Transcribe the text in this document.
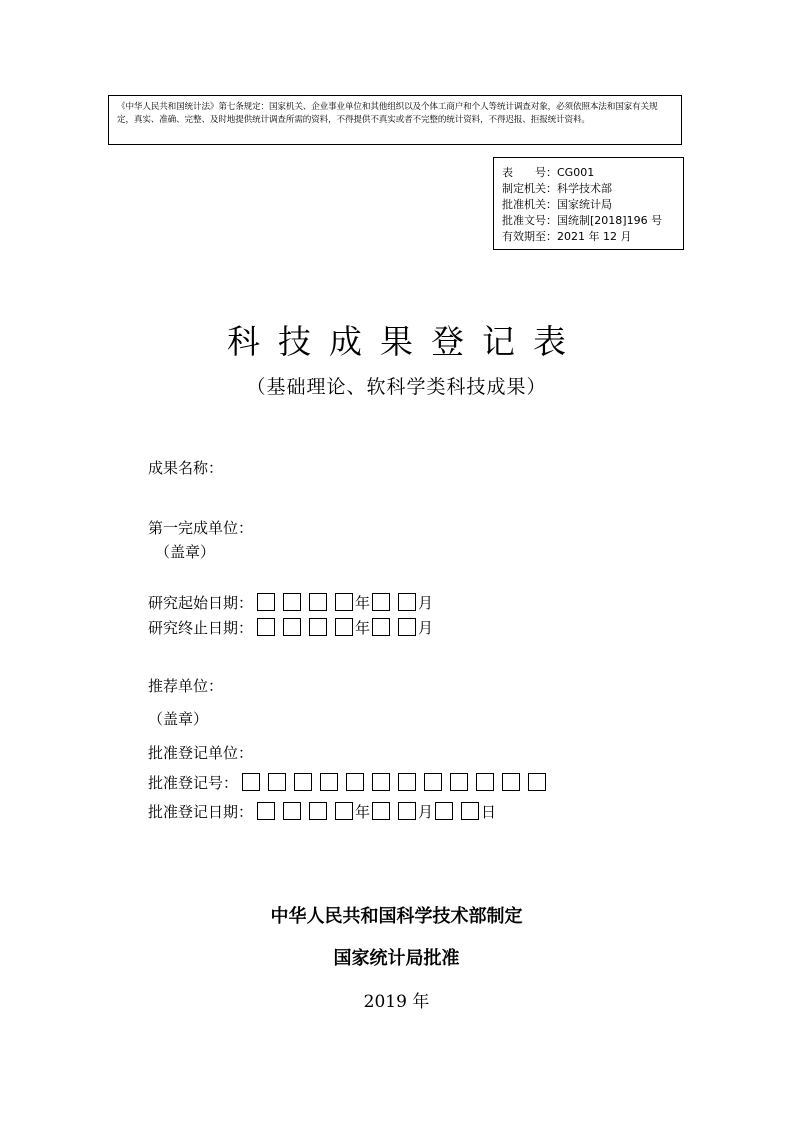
《中华人民共和国统计法》第七条规定：国家机关、企业事业单位和其他组织以及个体工商户和个人等统计调查对象，必须依照本法和国家有关规定，真实、准确、完整、及时地提供统计调查所需的资料，不得提供不真实或者不完整的统计资料，不得迟报、拒报统计资料。
表　　号：CG001
制定机关：科学技术部
批准机关：国家统计局
批准文号：国统制[2018]196 号
有效期至：2021 年 12 月
科技成果登记表
（基础理论、软科学类科技成果）
成果名称：
第一完成单位：
（盖章）
研究起始日期：	年	月
研究终止日期：	年	月
推荐单位：
（盖章）
批准登记单位：
批准登记号：
批准登记日期：	年	月	日
中华人民共和国科学技术部制定
国家统计局批准
2019 年
